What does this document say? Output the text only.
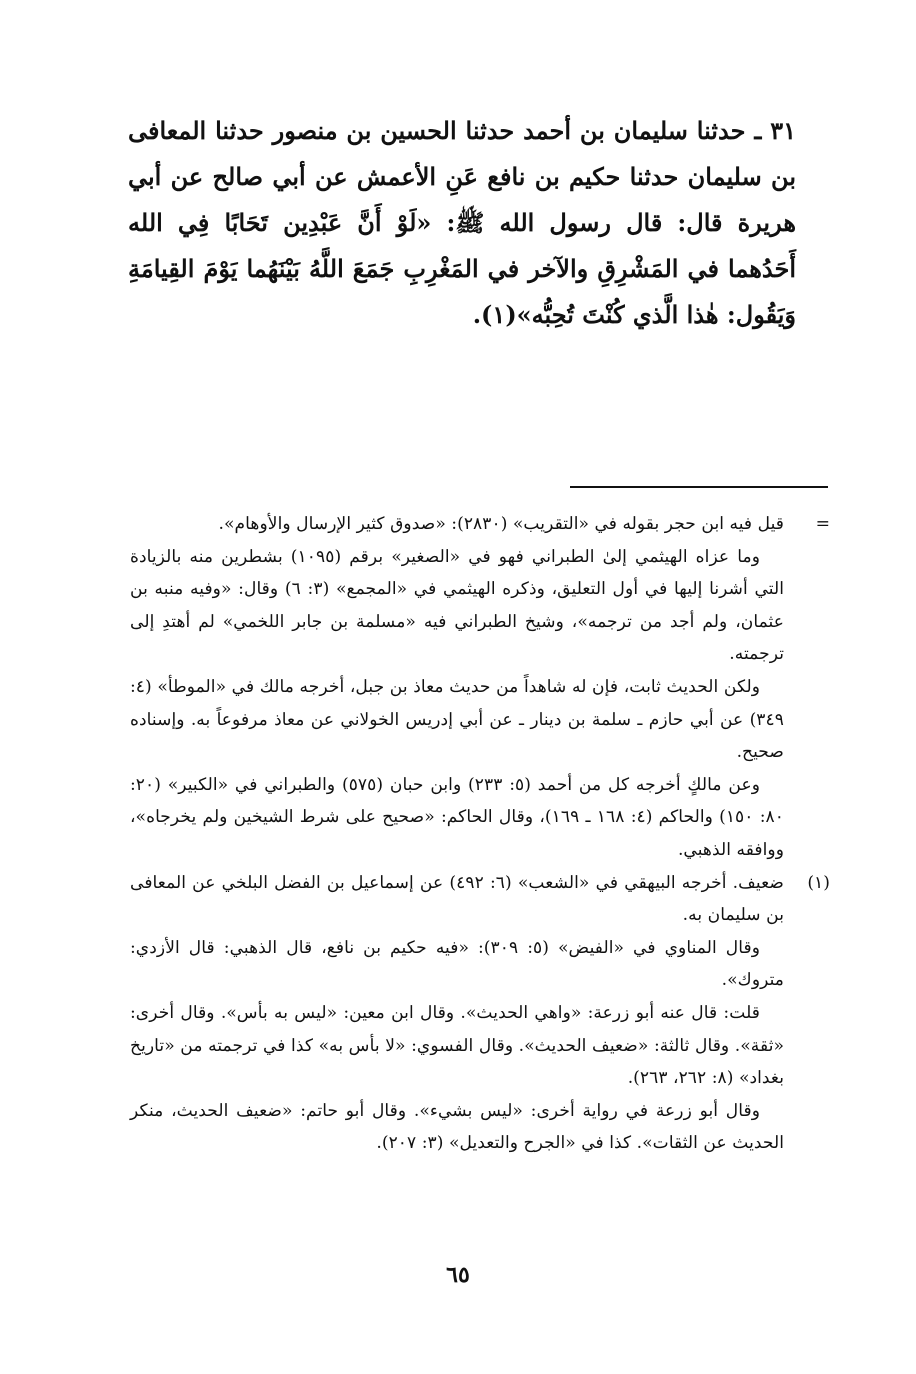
٣١ ـ حدثنا سليمان بن أحمد حدثنا الحسين بن منصور حدثنا المعافى بن سليمان حدثنا حكيم بن نافع عَنِ الأعمش عن أبي صالح عن أبي هريرة قال: قال رسول الله ﷺ: «لَوْ أَنَّ عَبْدِين تَحَابًا فِي الله أَحَدُهما في المَشْرِقِ والآخر في المَغْرِبِ جَمَعَ اللَّهُ بَيْنَهُما يَوْمَ القِيامَةِ وَيَقُول: هٰذا الَّذي كُنْتَ تُحِبُّه»(١).

=

قيل فيه ابن حجر بقوله في «التقريب» (٢٨٣٠): «صدوق كثير الإرسال والأوهام».

وما عزاه الهيثمي إلىٰ الطبراني فهو في «الصغير» برقم (١٠٩٥) بشطرين منه بالزيادة التي أشرنا إليها في أول التعليق، وذكره الهيثمي في «المجمع» (٣: ٦) وقال: «وفيه منبه بن عثمان، ولم أجد من ترجمه»، وشيخ الطبراني فيه «مسلمة بن جابر اللخمي» لم أهتدِ إلى ترجمته.

ولكن الحديث ثابت، فإن له شاهداً من حديث معاذ بن جبل، أخرجه مالك في «الموطأ» (٤: ٣٤٩) عن أبي حازم ـ سلمة بن دينار ـ عن أبي إدريس الخولاني عن معاذ مرفوعاً به. وإسناده صحيح.

وعن مالكٍ أخرجه كل من أحمد (٥: ٢٣٣) وابن حبان (٥٧٥) والطبراني في «الكبير» (٢٠: ٨٠: ١٥٠) والحاكم (٤: ١٦٨ ـ ١٦٩)، وقال الحاكم: «صحيح على شرط الشيخين ولم يخرجاه»، ووافقه الذهبي.

(١)

ضعيف. أخرجه البيهقي في «الشعب» (٦: ٤٩٢) عن إسماعيل بن الفضل البلخي عن المعافى بن سليمان به.

وقال المناوي في «الفيض» (٥: ٣٠٩): «فيه حكيم بن نافع، قال الذهبي: قال الأزدي: متروك».

قلت: قال عنه أبو زرعة: «واهي الحديث». وقال ابن معين: «ليس به بأس». وقال أخرى: «ثقة». وقال ثالثة: «ضعيف الحديث». وقال الفسوي: «لا بأس به» كذا في ترجمته من «تاريخ بغداد» (٨: ٢٦٢، ٢٦٣).

وقال أبو زرعة في رواية أخرى: «ليس بشيء». وقال أبو حاتم: «ضعيف الحديث، منكر الحديث عن الثقات». كذا في «الجرح والتعديل» (٣: ٢٠٧).

٦٥
